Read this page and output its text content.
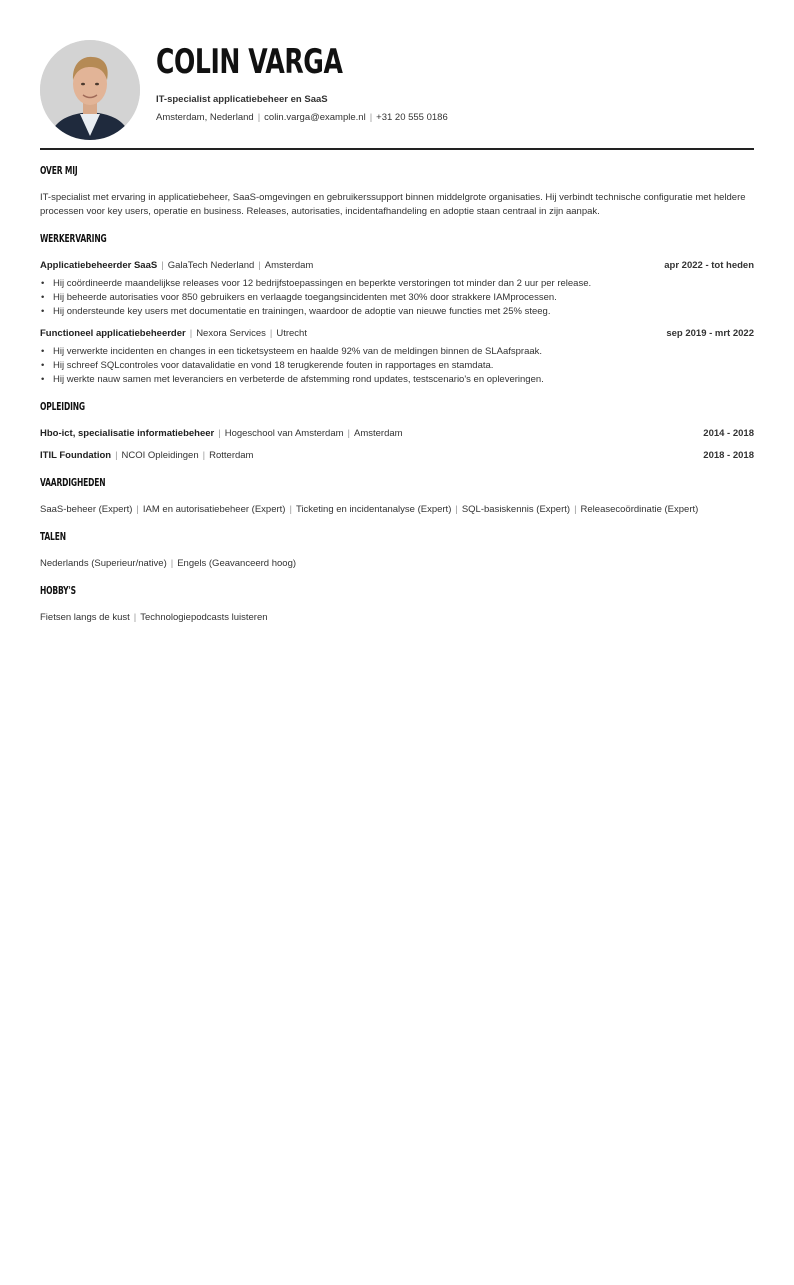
COLIN VARGA
IT-specialist applicatiebeheer en SaaS
Amsterdam, Nederland | colin.varga@example.nl | +31 20 555 0186
OVER MIJ

IT-specialist met ervaring in applicatiebeheer, SaaS-omgevingen en gebruikerssupport binnen middelgrote organisaties. Hij verbindt technische configuratie met heldere processen voor key users, operatie en business. Releases, autorisaties, incidentafhandeling en adoptie staan centraal in zijn aanpak.

WERKERVARING
Applicatiebeheerder SaaS | GalaTech Nederland | Amsterdam	apr 2022 - tot heden
• Hij coördineerde maandelijkse releases voor 12 bedrijfstoepassingen en beperkte verstoringen tot minder dan 2 uur per release.
• Hij beheerde autorisaties voor 850 gebruikers en verlaagde toegangsincidenten met 30% door strakkere IAMprocessen.
• Hij ondersteunde key users met documentatie en trainingen, waardoor de adoptie van nieuwe functies met 25% steeg.
Functioneel applicatiebeheerder | Nexora Services | Utrecht	sep 2019 - mrt 2022
• Hij verwerkte incidenten en changes in een ticketsysteem en haalde 92% van de meldingen binnen de SLAafspraak.
• Hij schreef SQLcontroles voor datavalidatie en vond 18 terugkerende fouten in rapportages en stamdata.
• Hij werkte nauw samen met leveranciers en verbeterde de afstemming rond updates, testscenario's en opleveringen.
OPLEIDING
Hbo-ict, specialisatie informatiebeheer | Hogeschool van Amsterdam | Amsterdam	2014 - 2018
ITIL Foundation | NCOI Opleidingen | Rotterdam	2018 - 2018
VAARDIGHEDEN
SaaS-beheer (Expert) | IAM en autorisatiebeheer (Expert) | Ticketing en incidentanalyse (Expert) | SQL-basiskennis (Expert) | Releasecoördinatie (Expert)
TALEN
Nederlands (Superieur/native) | Engels (Geavanceerd hoog)
HOBBY'S
Fietsen langs de kust | Technologiepodcasts luisteren
